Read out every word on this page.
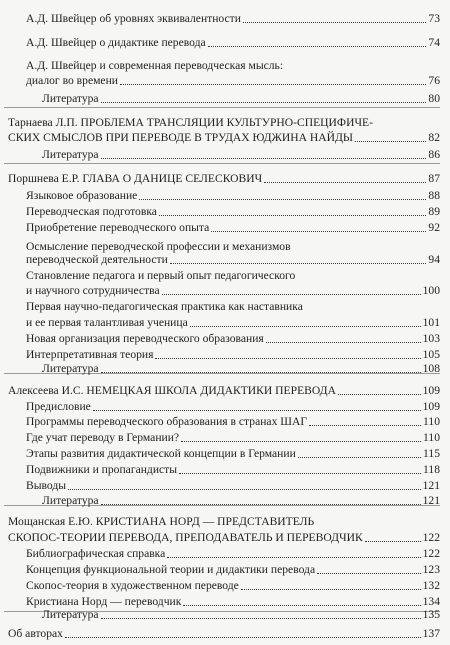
А.Д. Швейцер об уровнях эквивалентности	73
А.Д. Швейцер о дидактике перевода	74
А.Д. Швейцер и современная переводческая мысль:
диалог во времени	76
Литература	80
Тарнаева Л.П. ПРОБЛЕМА ТРАНСЛЯЦИИ КУЛЬТУРНО-СПЕЦИФИЧЕ-
СКИХ СМЫСЛОВ ПРИ ПЕРЕВОДЕ В ТРУДАХ ЮДЖИНА НАЙДЫ	82
Литература	86
Поршнева Е.Р. ГЛАВА О ДАНИЦЕ СЕЛЕСКОВИЧ	87
Языковое образование	88
Переводческая подготовка	89
Приобретение переводческого опыта	92
Осмысление переводческой профессии и механизмов
переводческой деятельности	94
Становление педагога и первый опыт педагогического
и научного сотрудничества	100
Первая научно-педагогическая практика как наставника
и ее первая талантливая ученица	101
Новая организация переводческого образования	103
Интерпретативная теория	105
Литература	108
Алексеева И.С. НЕМЕЦКАЯ ШКОЛА ДИДАКТИКИ ПЕРЕВОДА	109
Предисловие	109
Программы переводческого образования в странах ШАГ	110
Где учат переводу в Германии?	110
Этапы развития дидактической концепции в Германии	115
Подвижники и пропагандисты	118
Выводы	121
Литература	121
Мощанская Е.Ю. КРИСТИАНА НОРД — ПРЕДСТАВИТЕЛЬ
СКОПОС-ТЕОРИИ ПЕРЕВОДА, ПРЕПОДАВАТЕЛЬ И ПЕРЕВОДЧИК	122
Библиографическая справка	122
Концепция функциональной теории и дидактики перевода	123
Скопос-теория в художественном переводе	132
Кристиана Норд — переводчик	134
Литература	135
Об авторах	137
